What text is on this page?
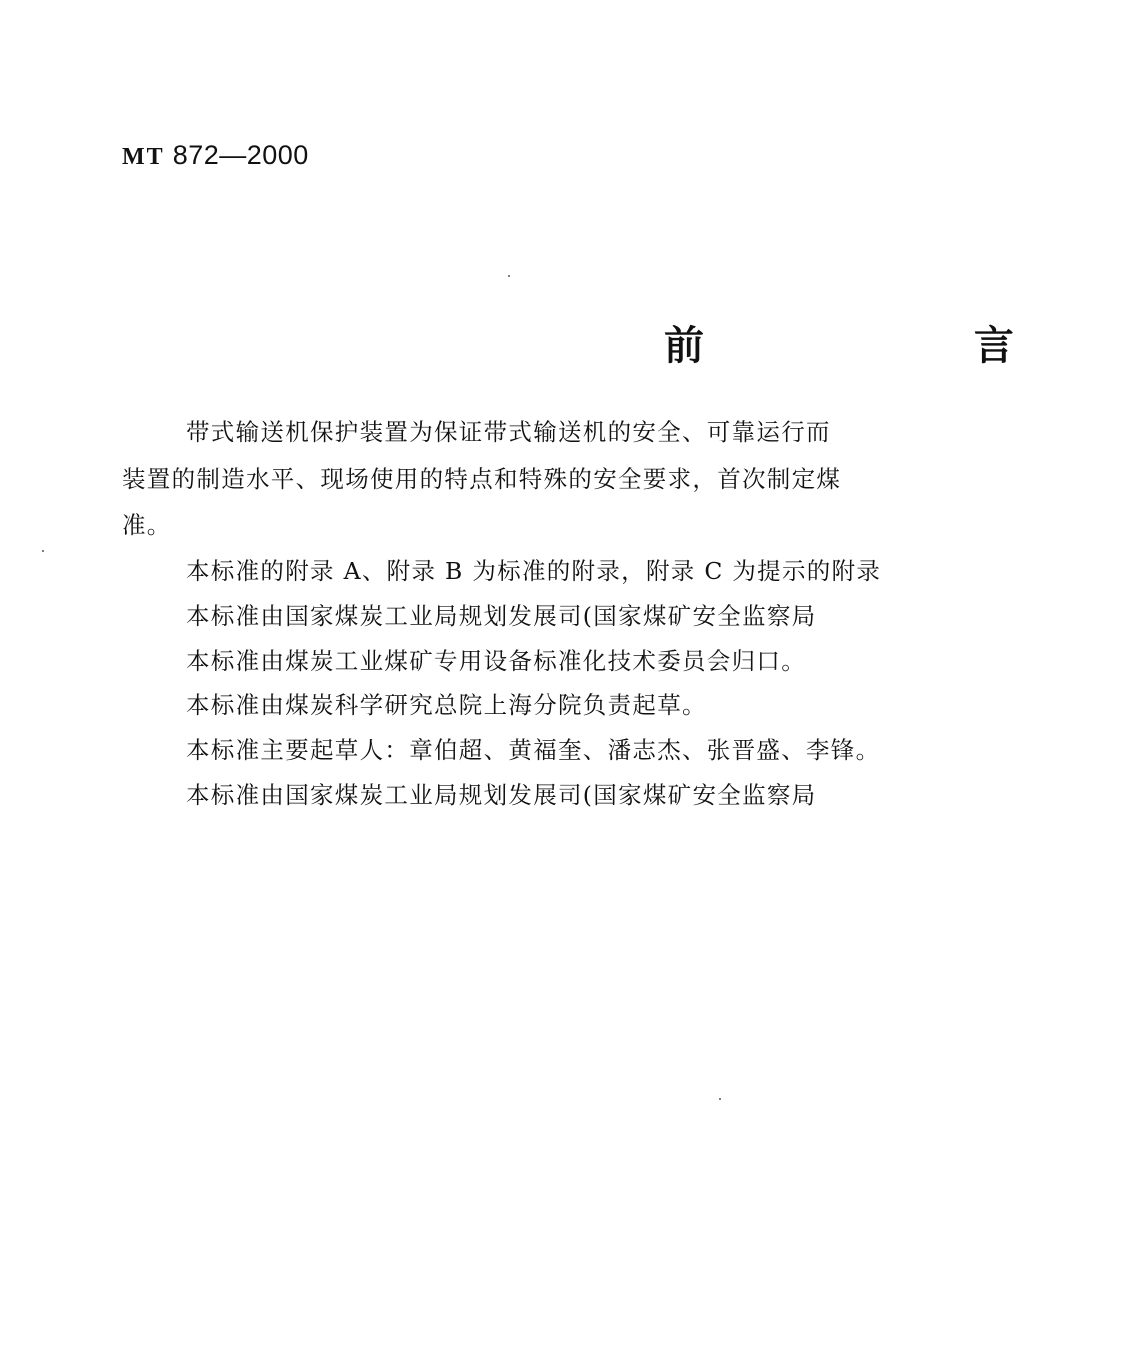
MT 872—2000
前 言
带式输送机保护装置为保证带式输送机的安全、可靠运行而
装置的制造水平、现场使用的特点和特殊的安全要求，首次制定煤
准。
本标准的附录 A、附录 B 为标准的附录，附录 C 为提示的附录
本标准由国家煤炭工业局规划发展司(国家煤矿安全监察局
本标准由煤炭工业煤矿专用设备标准化技术委员会归口。
本标准由煤炭科学研究总院上海分院负责起草。
本标准主要起草人：章伯超、黄福奎、潘志杰、张晋盛、李锋。
本标准由国家煤炭工业局规划发展司(国家煤矿安全监察局
